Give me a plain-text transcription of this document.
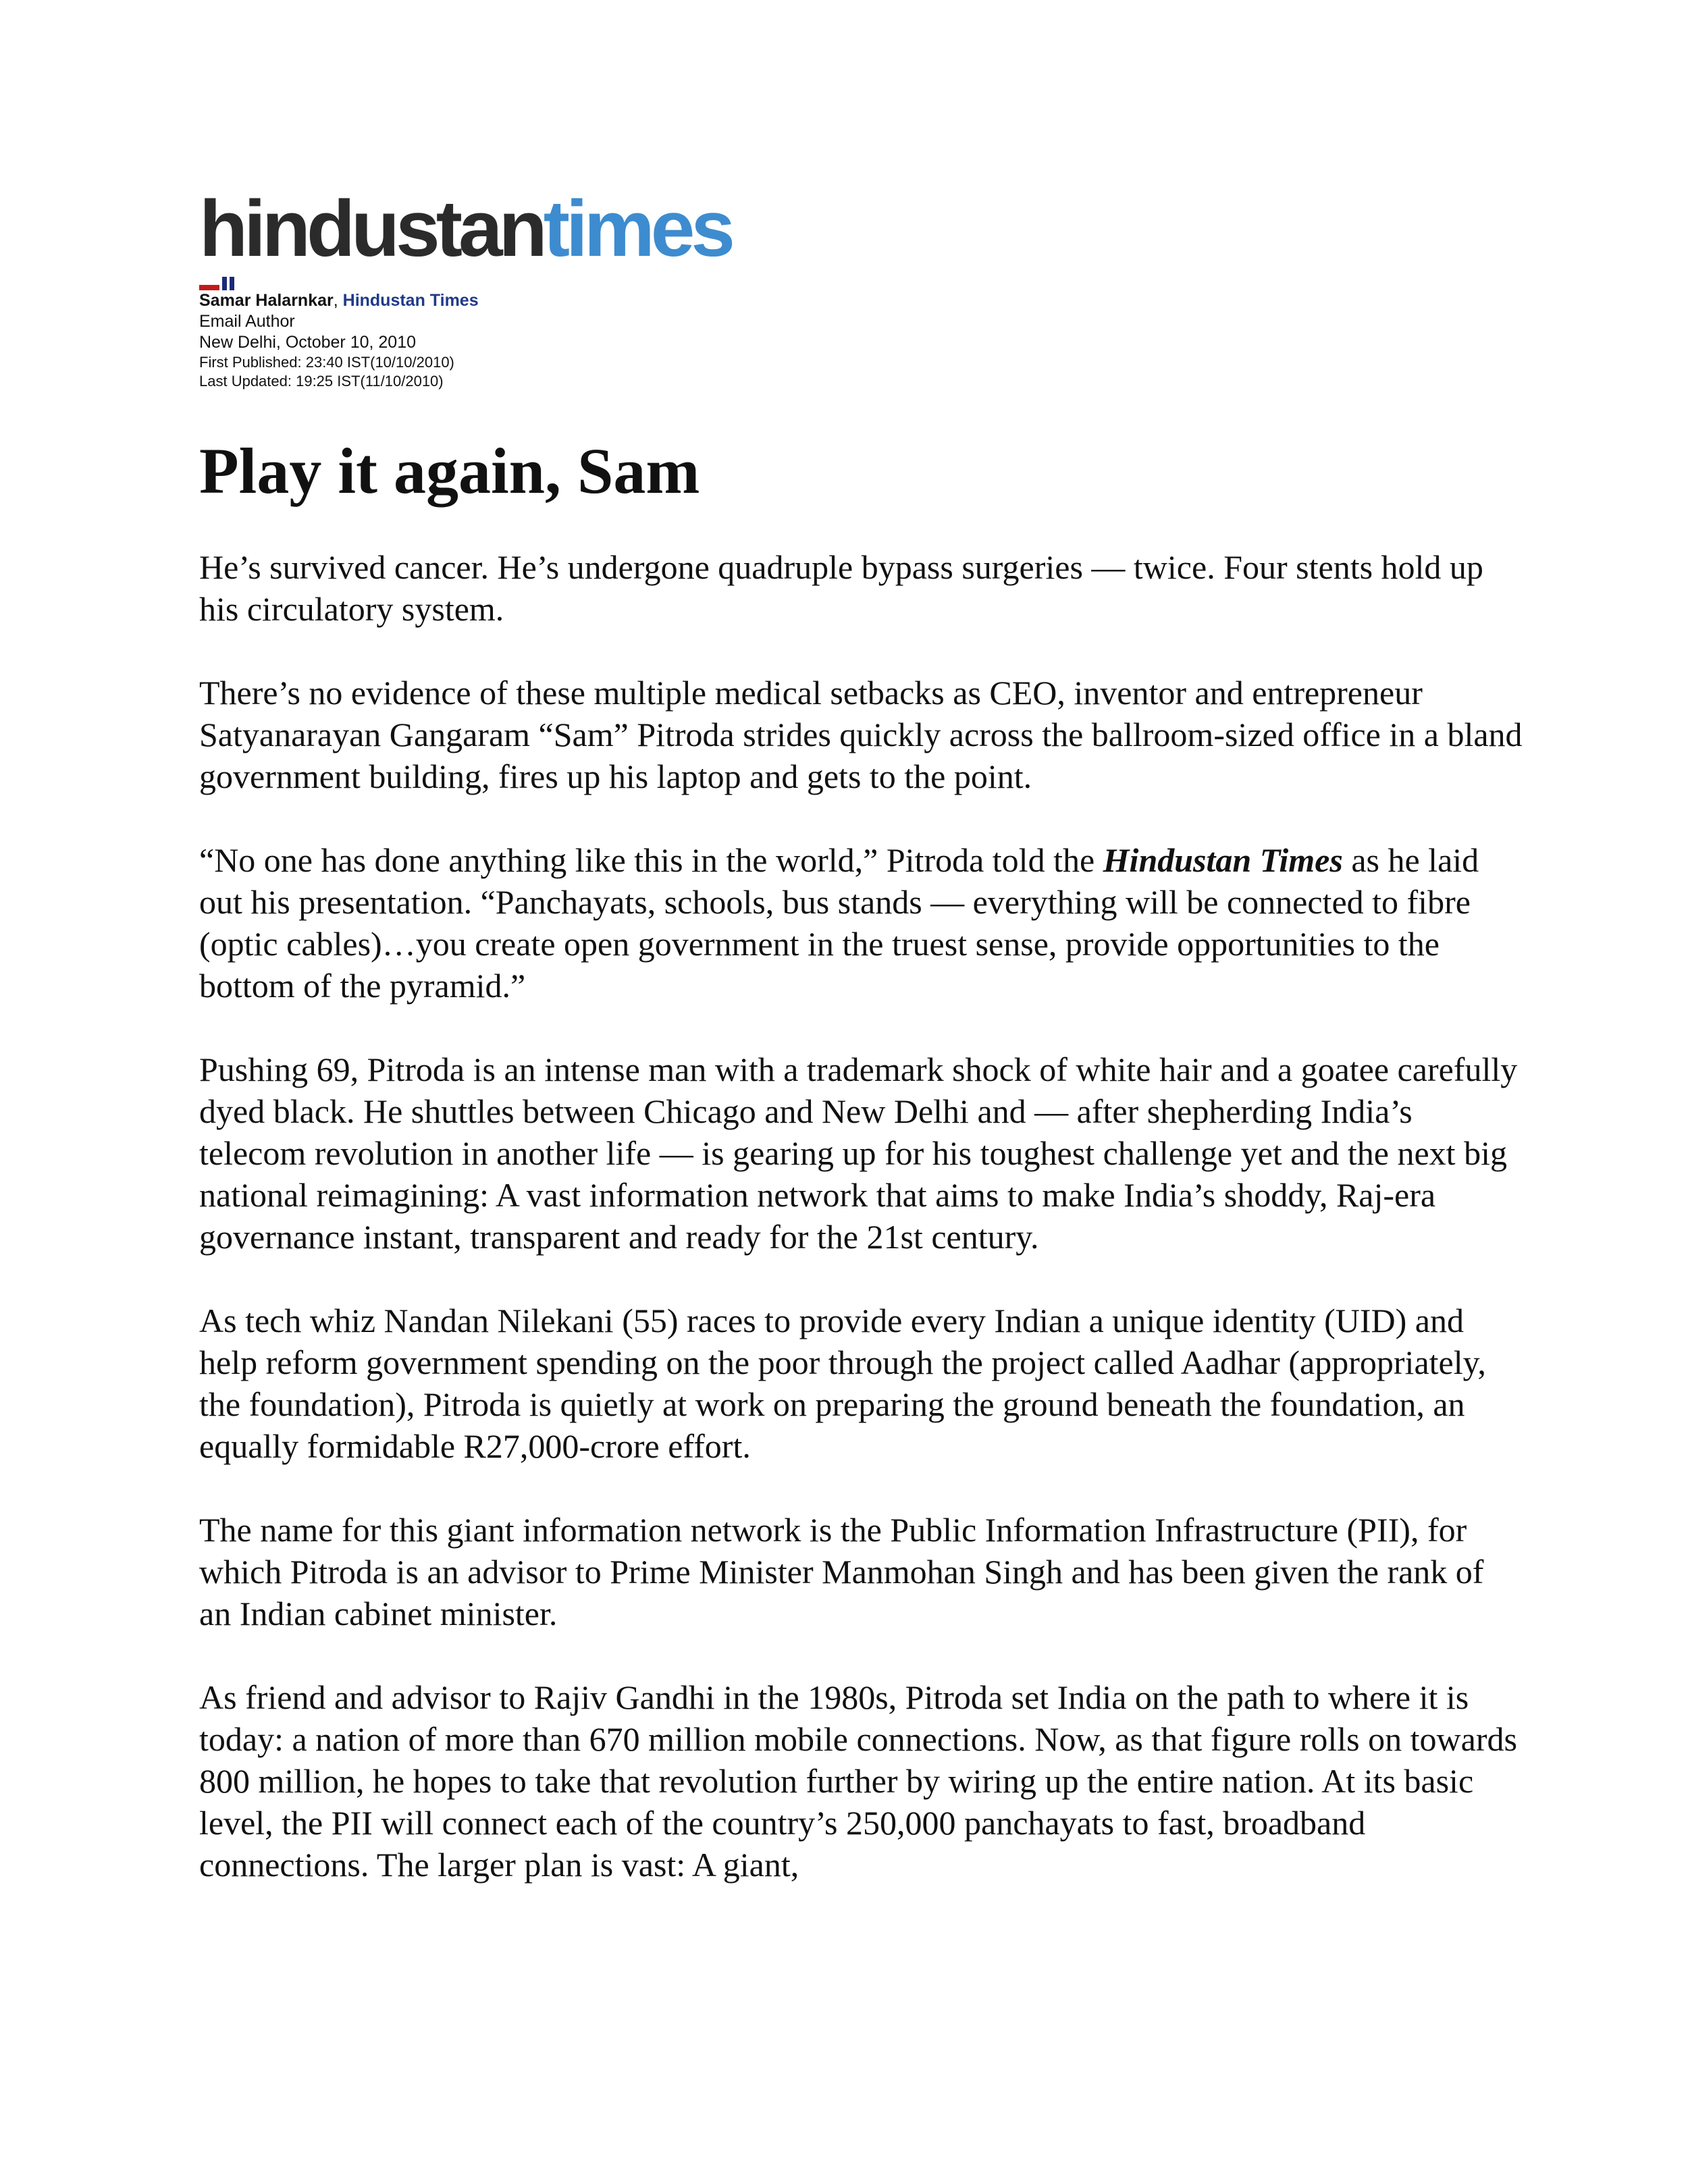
hindustantimes
Samar Halarnkar, Hindustan Times
Email Author
New Delhi, October 10, 2010
First Published: 23:40 IST(10/10/2010)
Last Updated: 19:25 IST(11/10/2010)
Play it again, Sam

He’s survived cancer. He’s undergone quadruple bypass surgeries — twice. Four stents hold up his circulatory system.

There’s no evidence of these multiple medical setbacks as CEO, inventor and entrepreneur Satyanarayan Gangaram “Sam” Pitroda strides quickly across the ballroom-sized office in a bland government building, fires up his laptop and gets to the point.

“No one has done anything like this in the world,” Pitroda told the Hindustan Times as he laid out his presentation. “Panchayats, schools, bus stands — everything will be connected to fibre (optic cables)…you create open government in the truest sense, provide opportunities to the bottom of the pyramid.”

Pushing 69, Pitroda is an intense man with a trademark shock of white hair and a goatee carefully dyed black. He shuttles between Chicago and New Delhi and — after shepherding India’s telecom revolution in another life — is gearing up for his toughest challenge yet and the next big national reimagining: A vast information network that aims to make India’s shoddy, Raj-era governance instant, transparent and ready for the 21st century.

As tech whiz Nandan Nilekani (55) races to provide every Indian a unique identity (UID) and help reform government spending on the poor through the project called Aadhar (appropriately, the foundation), Pitroda is quietly at work on preparing the ground beneath the foundation, an equally formidable R27,000-crore effort.

The name for this giant information network is the Public Information Infrastructure (PII), for which Pitroda is an advisor to Prime Minister Manmohan Singh and has been given the rank of an Indian cabinet minister.

As friend and advisor to Rajiv Gandhi in the 1980s, Pitroda set India on the path to where it is today: a nation of more than 670 million mobile connections. Now, as that figure rolls on towards 800 million, he hopes to take that revolution further by wiring up the entire nation. At its basic level, the PII will connect each of the country’s 250,000 panchayats to fast, broadband connections. The larger plan is vast: A giant,
